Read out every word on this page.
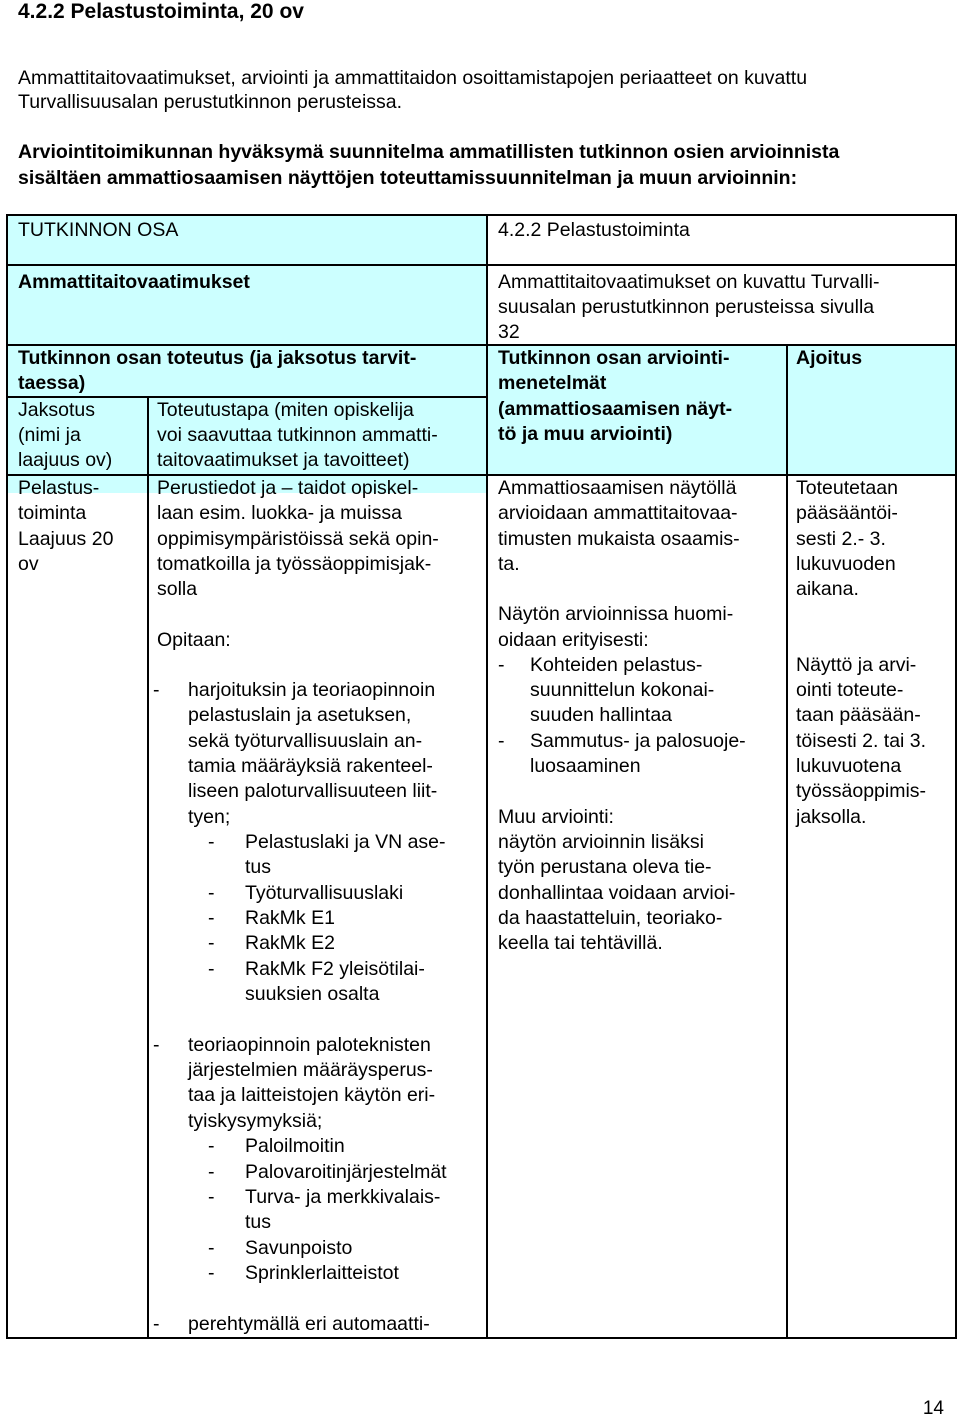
4.2.2 Pelastustoiminta, 20 ov
Ammattitaitovaatimukset, arviointi ja ammattitaidon osoittamistapojen periaatteet on kuvattu
Turvallisuusalan perustutkinnon perusteissa.
Arviointitoimikunnan hyväksymä suunnitelma ammatillisten tutkinnon osien arvioinnista
sisältäen ammattiosaamisen näyttöjen toteuttamissuunnitelman ja muun arvioinnin:
TUTKINNON OSA	4.2.2 Pelastustoiminta
Ammattitaitovaatimukset	Ammattitaitovaatimukset on kuvattu Turvalli-
suusalan perustutkinnon perusteissa sivulla
32
Tutkinnon osan toteutus (ja jaksotus tarvit-
taessa)
Tutkinnon osan arviointi-
menetelmät
(ammattiosaamisen näyt-
tö ja muu arviointi)
Ajoitus
Jaksotus
(nimi ja
laajuus ov)
Toteutustapa (miten opiskelija
voi saavuttaa tutkinnon ammatti-
taitovaatimukset ja tavoitteet)
Pelastus-
toiminta
Laajuus 20
ov
Perustiedot ja – taidot opiskel-
laan esim. luokka- ja muissa
oppimisympäristöissä sekä opin-
tomatkoilla ja työssäoppimisjak-
solla
Opitaan:
- harjoituksin ja teoriaopinnoin
pelastuslain ja asetuksen,
sekä työturvallisuuslain an-
tamia määräyksiä rakenteel-
liseen paloturvallisuuteen liit-
tyen;
- Pelastuslaki ja VN ase-
tus
- Työturvallisuuslaki
- RakMk E1
- RakMk E2
- RakMk F2 yleisötilai-
suuksien osalta
- teoriaopinnoin paloteknisten
järjestelmien määräysperus-
taa ja laitteistojen käytön eri-
tyiskysymyksiä;
- Paloilmoitin
- Palovaroitinjärjestelmät
- Turva- ja merkkivalais-
tus
- Savunpoisto
- Sprinklerlaitteistot
- perehtymällä eri automaatti-
Ammattiosaamisen näytöllä
arvioidaan ammattitaitovaa-
timusten mukaista osaamis-
ta.
Näytön arvioinnissa huomi-
oidaan erityisesti:
- Kohteiden pelastus-
suunnittelun kokonai-
suuden hallintaa
- Sammutus- ja palosuoje-
luosaaminen
Muu arviointi:
näytön arvioinnin lisäksi
työn perustana oleva tie-
donhallintaa voidaan arvioi-
da haastatteluin, teoriako-
keella tai tehtävillä.
Toteutetaan
pääsääntöi-
sesti 2.- 3.
lukuvuoden
aikana.
Näyttö ja arvi-
ointi toteute-
taan pääsään-
töisesti 2. tai 3.
lukuvuotena
työssäoppimis-
jaksolla.
14
